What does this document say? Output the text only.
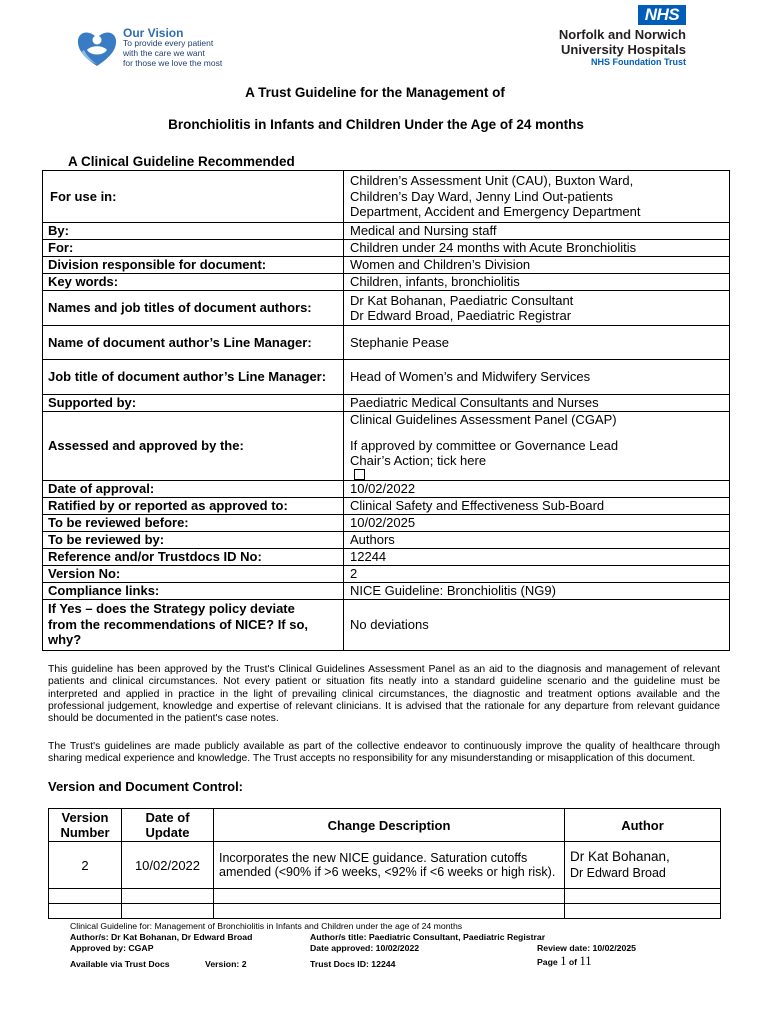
Our Vision
To provide every patient
with the care we want
for those we love the most
NHS
Norfolk and Norwich
University Hospitals
NHS Foundation Trust
A Trust Guideline for the Management of
Bronchiolitis in Infants and Children Under the Age of 24 months
A Clinical Guideline Recommended
For use in:	Children’s Assessment Unit (CAU), Buxton Ward,
Children’s Day Ward, Jenny Lind Out-patients
Department, Accident and Emergency Department

By:	Medical and Nursing staff
For:	Children under 24 months with Acute Bronchiolitis
Division responsible for document:	Women and Children’s Division
Key words:	Children, infants, bronchiolitis
Names and job titles of document authors:	Dr Kat Bohanan, Paediatric Consultant
Dr Edward Broad, Paediatric Registrar

Name of document author’s Line Manager:	Stephanie Pease
Job title of document author’s Line Manager:	Head of Women’s and Midwifery Services
Supported by:	Paediatric Medical Consultants and Nurses
Assessed and approved by the:	Clinical Guidelines Assessment Panel (CGAP)
If approved by committee or Governance Lead
Chair’s Action; tick here

Date of approval:	10/02/2022
Ratified by or reported as approved to:	Clinical Safety and Effectiveness Sub-Board
To be reviewed before:	10/02/2025
To be reviewed by:	Authors
Reference and/or Trustdocs ID No:	12244
Version No:	2
Compliance links:	NICE Guideline: Bronchiolitis (NG9)
If Yes – does the Strategy policy deviate from the recommendations of NICE? If so, why?	No deviations

This guideline has been approved by the Trust's Clinical Guidelines Assessment Panel as an aid to the diagnosis and management of relevant patients and clinical circumstances. Not every patient or situation fits neatly into a standard guideline scenario and the guideline must be interpreted and applied in practice in the light of prevailing clinical circumstances, the diagnostic and treatment options available and the professional judgement, knowledge and expertise of relevant clinicians. It is advised that the rationale for any departure from relevant guidance should be documented in the patient's case notes.

The Trust's guidelines are made publicly available as part of the collective endeavor to continuously improve the quality of healthcare through sharing medical experience and knowledge. The Trust accepts no responsibility for any misunderstanding or misapplication of this document.

Version and Document Control:
Version Number	Date of Update	Change Description	Author
2	10/02/2022	Incorporates the new NICE guidance. Saturation cutoffs amended (<90% if >6 weeks, <92% if <6 weeks or high risk).	Dr Kat Bohanan,
Dr Edward Broad

Clinical Guideline for: Management of Bronchiolitis in Infants and Children under the age of 24 months
Author/s: Dr Kat Bohanan, Dr Edward Broad	Author/s title: Paediatric Consultant, Paediatric Registrar
Approved by: CGAP	Date approved: 10/02/2022	Review date: 10/02/2025
Available via Trust Docs	Version: 2	Trust Docs ID: 12244	Page 1 of 11
